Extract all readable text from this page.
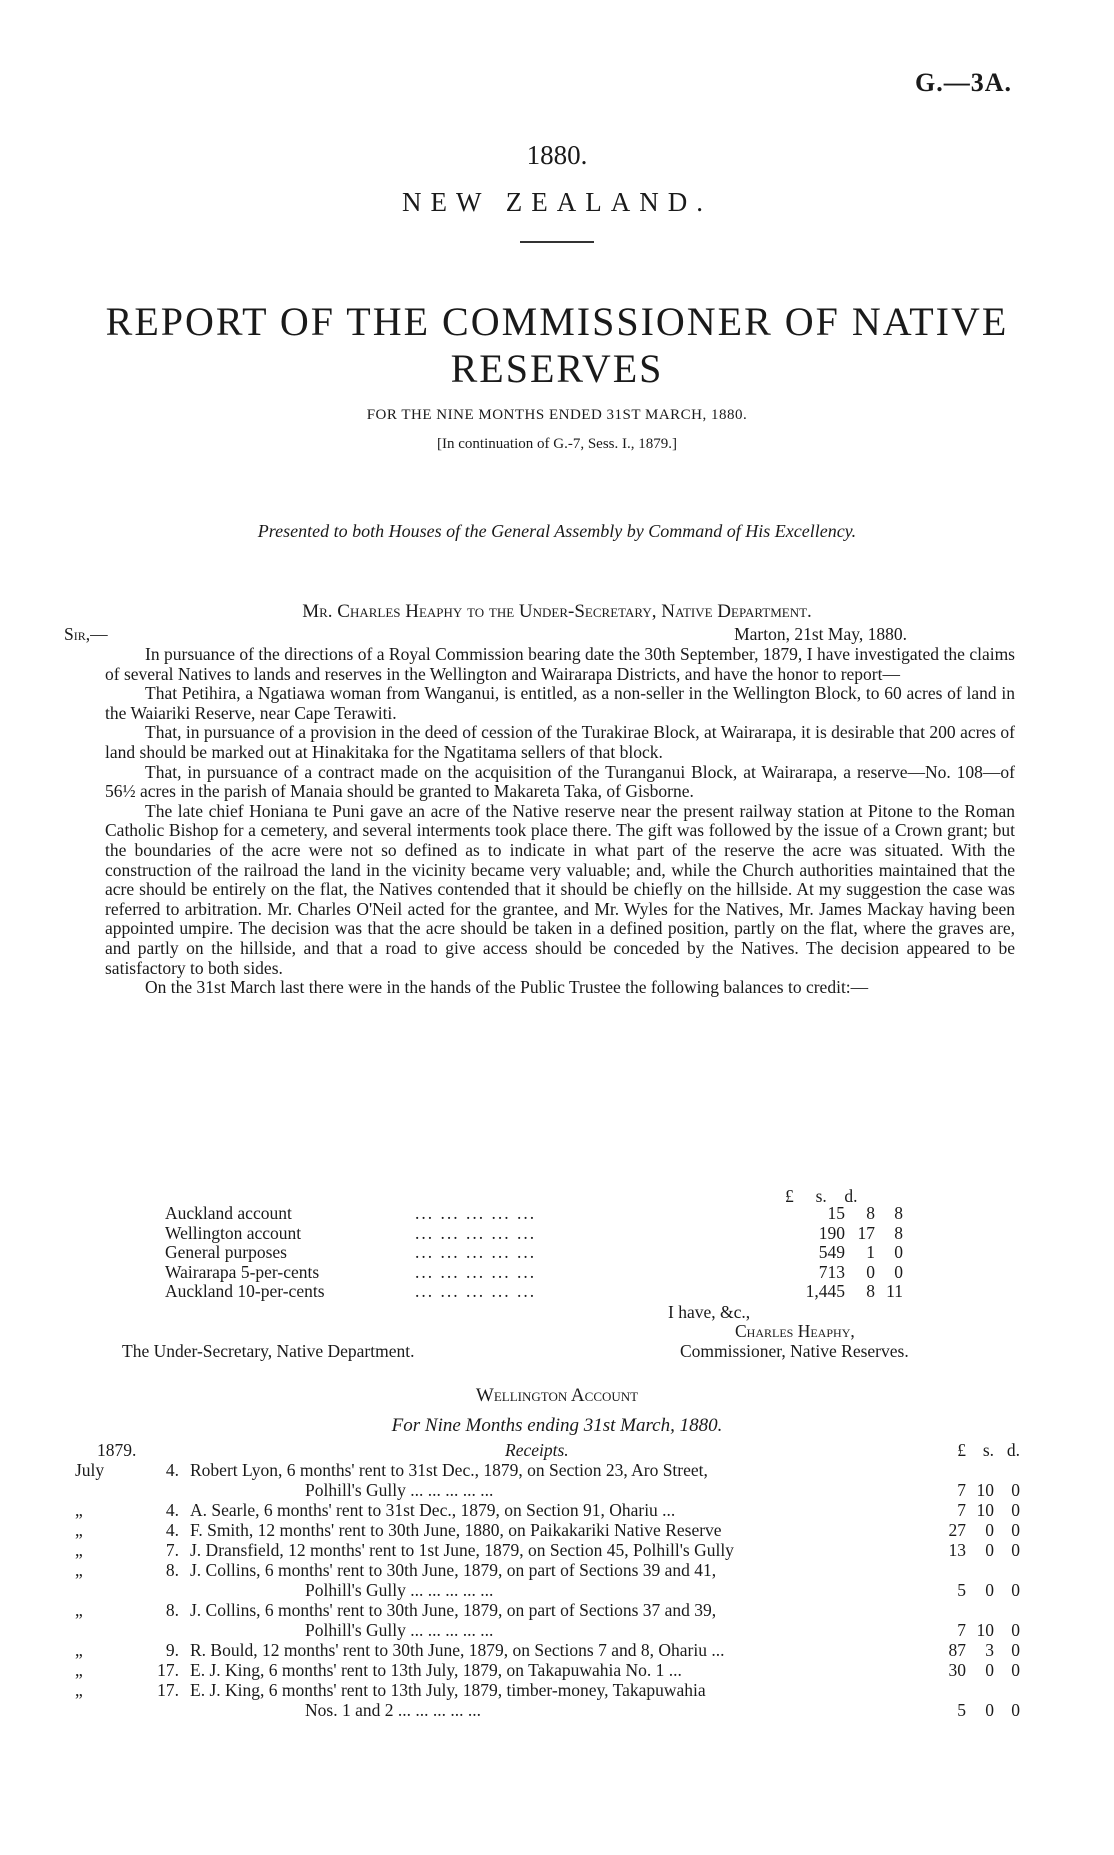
G.—3A.
1880.
NEW ZEALAND.
REPORT OF THE COMMISSIONER OF NATIVE
RESERVES
FOR THE NINE MONTHS ENDED 31ST MARCH, 1880.
[In continuation of G.-7, Sess. I., 1879.]
Presented to both Houses of the General Assembly by Command of His Excellency.
Mr. Charles Heaphy to the Under-Secretary, Native Department.
Sir,—	Marton, 21st May, 1880.

In pursuance of the directions of a Royal Commission bearing date the 30th September, 1879, I have investigated the claims of several Natives to lands and reserves in the Wellington and Wairarapa Districts, and have the honor to report—

That Petihira, a Ngatiawa woman from Wanganui, is entitled, as a non-seller in the Wellington Block, to 60 acres of land in the Waiariki Reserve, near Cape Terawiti.

That, in pursuance of a provision in the deed of cession of the Turakirae Block, at Wairarapa, it is desirable that 200 acres of land should be marked out at Hinakitaka for the Ngatitama sellers of that block.

That, in pursuance of a contract made on the acquisition of the Turanganui Block, at Wairarapa, a reserve—No. 108—of 56½ acres in the parish of Manaia should be granted to Makareta Taka, of Gisborne.

The late chief Honiana te Puni gave an acre of the Native reserve near the present railway station at Pitone to the Roman Catholic Bishop for a cemetery, and several interments took place there. The gift was followed by the issue of a Crown grant; but the boundaries of the acre were not so defined as to indicate in what part of the reserve the acre was situated. With the construction of the railroad the land in the vicinity became very valuable; and, while the Church authorities maintained that the acre should be entirely on the flat, the Natives contended that it should be chiefly on the hillside. At my suggestion the case was referred to arbitration. Mr. Charles O'Neil acted for the grantee, and Mr. Wyles for the Natives, Mr. James Mackay having been appointed umpire. The decision was that the acre should be taken in a defined position, partly on the flat, where the graves are, and partly on the hillside, and that a road to give access should be conceded by the Natives. The decision appeared to be satisfactory to both sides.

On the 31st March last there were in the hands of the Public Trustee the following balances to credit:—

£ s. d.
Auckland account	... ... ... ... ...	15	8	8
Wellington account	... ... ... ... ...	190 17	8
General purposes	... ... ... ... ...	549	1	0
Wairarapa 5-per-cents	... ... ... ... ...	713	0	0
Auckland 10-per-cents	... ... ... ... ...	1,445	8 11
I have, &c.,
Charles Heaphy,
Commissioner, Native Reserves.
The Under-Secretary, Native Department.
Wellington Account
For Nine Months ending 31st March, 1880.
1879.	Receipts.	£ s. d.
July	4. Robert Lyon, 6 months' rent to 31st Dec., 1879, on Section 23, Aro Street,
Polhill's Gully ... ... ... ... ...	7 10 0
„	4. A. Searle, 6 months' rent to 31st Dec., 1879, on Section 91, Ohariu ...	7 10 0
„	4. F. Smith, 12 months' rent to 30th June, 1880, on Paikakariki Native Reserve	27	0 0
„	7. J. Dransfield, 12 months' rent to 1st June, 1879, on Section 45, Polhill's Gully	13	0 0
„	8. J. Collins, 6 months' rent to 30th June, 1879, on part of Sections 39 and 41,
Polhill's Gully ... ... ... ... ...	5	0 0
„	8. J. Collins, 6 months' rent to 30th June, 1879, on part of Sections 37 and 39,
Polhill's Gully ... ... ... ... ...	7 10 0
„	9. R. Bould, 12 months' rent to 30th June, 1879, on Sections 7 and 8, Ohariu ...	87	3 0
„	17. E. J. King, 6 months' rent to 13th July, 1879, on Takapuwahia No. 1 ...	30	0 0
„	17. E. J. King, 6 months' rent to 13th July, 1879, timber-money, Takapuwahia
Nos. 1 and 2 ... ... ... ... ...	5	0 0
